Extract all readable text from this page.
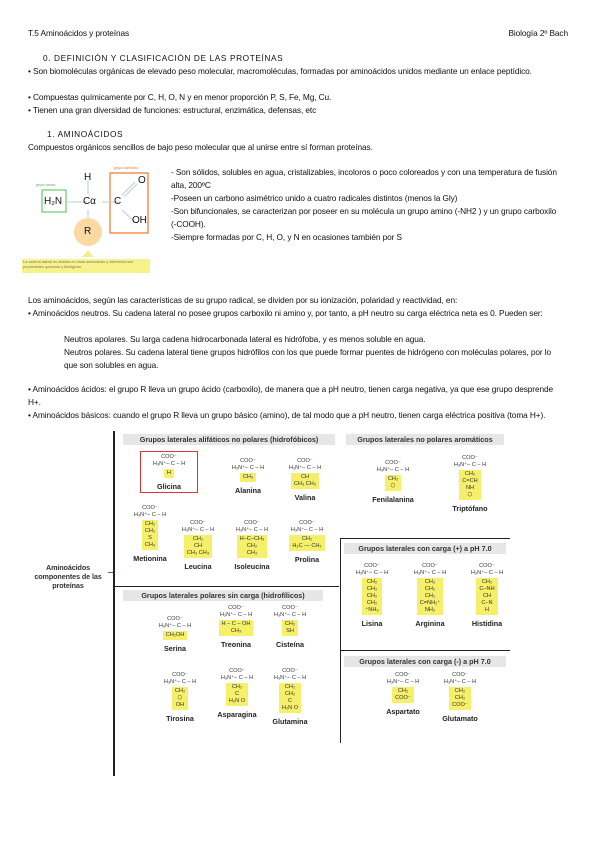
T.5 Aminoácidos y proteínas	Biología 2º Bach
0. DEFINICIÓN Y CLASIFICACIÓN DE LAS PROTEÍNAS
• Son biomoléculas orgánicas de elevado peso molecular, macromoléculas, formadas por aminoácidos unidos mediante un enlace peptídico.
• Compuestas químicamente por C, H, O, N y en menor proporción P, S, Fe, Mg, Cu.
• Tienen una gran diversidad de funciones: estructural, enzimática, defensas, etc
1. AMINOÁCIDOS
Compuestos orgánicos sencillos de bajo peso molecular que al unirse entre sí forman proteínas.
grupo amino
grupo carboxilo
H
H₂N Cα C
O
OH
R
La cadena lateral es distinta en cada aminoácido y determina sus propiedades químicas y biológicas
- Son sólidos, solubles en agua, cristalizables, incoloros o poco coloreados y con una temperatura de fusión alta, 200ºC
-Poseen un carbono asimétrico unido a cuatro radicales distintos (menos la Gly)
-Son bifuncionales, se caracterizan por poseer en su molécula un grupo amino (-NH2 ) y un grupo carboxilo (-COOH).
-Siempre formadas por C, H, O, y N en ocasiones también por S
Los aminoácidos, según las características de su grupo radical, se dividen por su ionización, polaridad y reactividad, en:
• Aminoácidos neutros. Su cadena lateral no posee grupos carboxilo ni amino y, por tanto, a pH neutro su carga eléctrica neta es 0. Pueden ser:
Neutros apolares. Su larga cadena hidrocarbonada lateral es hidrófoba, y es menos soluble en agua.
Neutros polares. Su cadena lateral tiene grupos hidrófilos con los que puede formar puentes de hidrógeno con moléculas polares, por lo que son solubles en agua.
• Aminoácidos ácidos: el grupo R lleva un grupo ácido (carboxilo), de manera que a pH neutro, tienen carga negativa, ya que ese grupo desprende H+.
• Aminoácidos básicos: cuando el grupo R lleva un grupo básico (amino), de tal modo que a pH neutro, tienen carga eléctrica positiva (toma H+).
Aminoácidos componentes de las proteínas
Grupos laterales alifáticos no polares (hidrofóbicos)
Grupos laterales polares sin carga (hidrofílicos)
Grupos laterales no polares aromáticos
Grupos laterales con carga (+) a pH 7.0
Grupos laterales con carga (-) a pH 7.0
COO⁻
H₃N⁺– C – H
H
Glicina
COO⁻
H₃N⁺– C – H
CH₃
Alanina
COO⁻
H₃N⁺– C – H
CH
CH₃ CH₃
Valina
COO⁻
H₃N⁺– C – H
CH₂
CH₂
S
CH₃
Metionina
COO⁻
H₃N⁺– C – H
CH₂
CH
CH₃ CH₃
Leucina
COO⁻
H₃N⁺– C – H
H–C–CH₃
CH₂
CH₃
Isoleucina
COO⁻
H₃N⁺– C – H
CH₂
H₂C — CH₂
Prolina
COO⁻
H₃N⁺– C – H
CH₂OH
Serina
COO⁻
H₃N⁺– C – H
H – C – OH
CH₃
Treonina
COO⁻
H₃N⁺– C – H
CH₂
SH
Cisteína
COO⁻
H₃N⁺– C – H
CH₂
⬡
OH
Tirosina
COO⁻
H₃N⁺– C – H
CH₂
C
H₂N O
Asparagina
COO⁻
H₃N⁺– C – H
CH₂
CH₂
C
H₂N O
Glutamina
COO⁻
H₃N⁺– C – H
CH₂
⬡
Fenilalanina
COO⁻
H₃N⁺– C – H
CH₂
C=CH
NH
⬡
Triptófano
COO⁻
H₃N⁺– C – H
CH₂
CH₂
CH₂
CH₂
⁺NH₃
Lisina
COO⁻
H₃N⁺– C – H
CH₂
CH₂
CH₂
C=NH₂⁺
NH₂
Arginina
COO⁻
H₃N⁺– C – H
CH₂
C–NH
CH
C–N
H
Histidina
COO⁻
H₃N⁺– C – H
CH₂
COO⁻
Aspartato
COO⁻
H₃N⁺– C – H
CH₂
CH₂
COO⁻
Glutamato
